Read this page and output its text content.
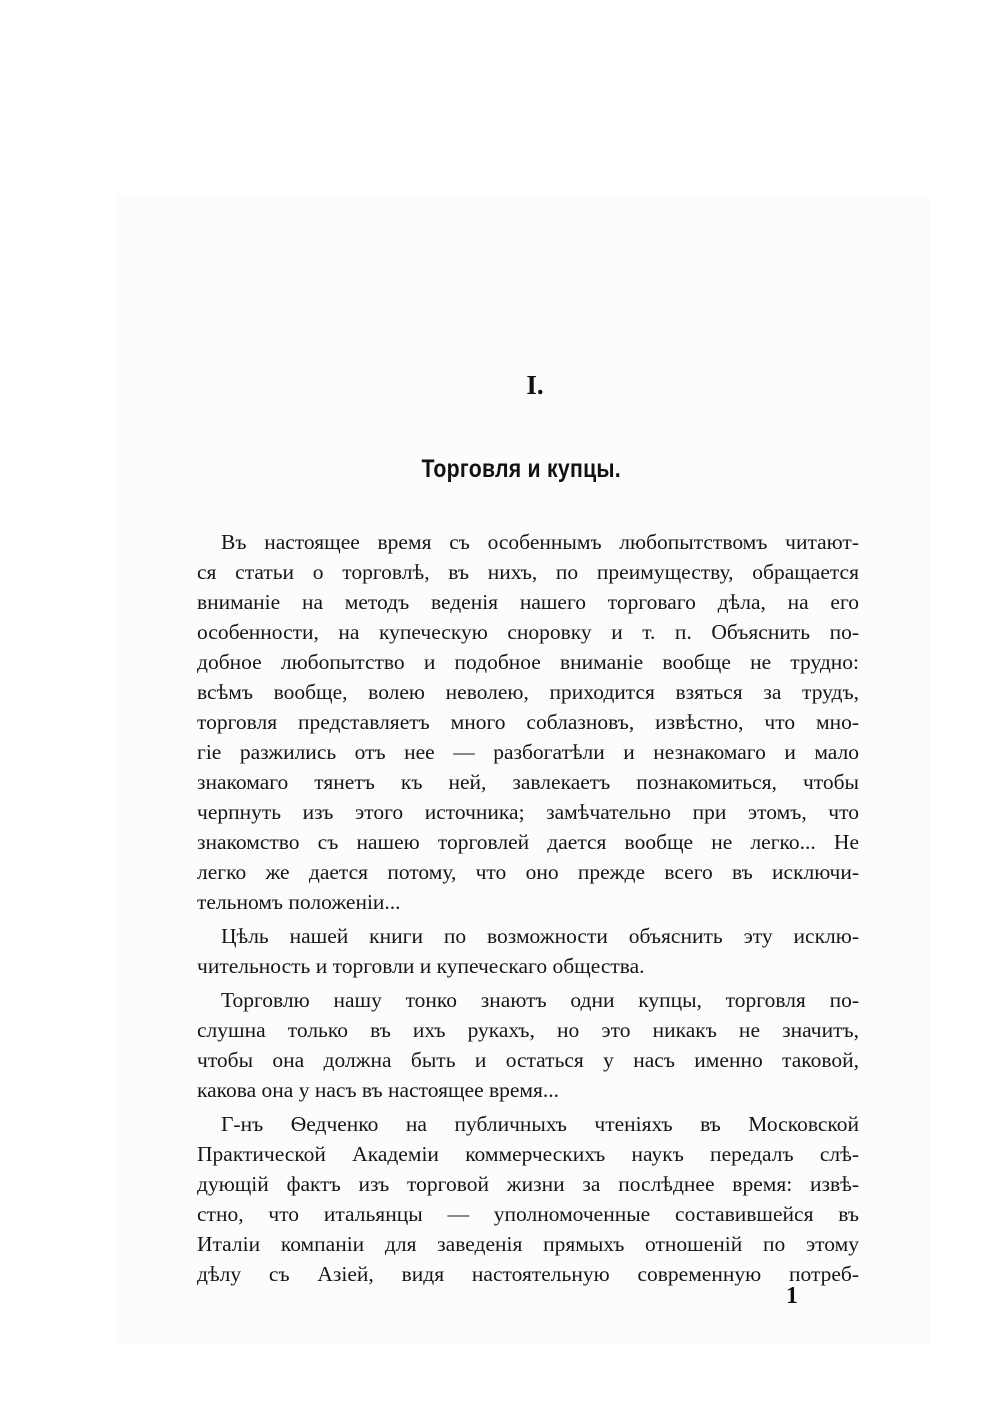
I.
Торговля и купцы.
Въ настоящее время съ особеннымъ любопытствомъ читают-
ся статьи о торговлѣ, въ нихъ, по преимуществу, обращается
вниманіе на методъ веденія нашего торговаго дѣла, на его
особенности, на купеческую сноровку и т. п. Объяснить по-
добное любопытство и подобное вниманіе вообще не трудно:
всѣмъ вообще, волею неволею, приходится взяться за трудъ,
торговля представляетъ много соблазновъ, извѣстно, что мно-
гіе разжились отъ нее — разбогатѣли и незнакомаго и мало
знакомаго тянетъ къ ней, завлекаетъ познакомиться, чтобы
черпнуть изъ этого источника; замѣчательно при этомъ, что
знакомство съ нашею торговлей дается вообще не легко... Не
легко же дается потому, что оно прежде всего въ исключи-
тельномъ положеніи...
Цѣль нашей книги по возможности объяснить эту исклю-
чительность и торговли и купеческаго общества.
Торговлю нашу тонко знаютъ одни купцы, торговля по-
слушна только въ ихъ рукахъ, но это никакъ не значитъ,
чтобы она должна быть и остаться у насъ именно таковой,
какова она у насъ въ настоящее время...
Г-нъ Ѳедченко на публичныхъ чтеніяхъ въ Московской
Практической Академіи коммерческихъ наукъ передалъ слѣ-
дующій фактъ изъ торговой жизни за послѣднее время: извѣ-
стно, что итальянцы — уполномоченные составившейся въ
Италіи компаніи для заведенія прямыхъ отношеній по этому
дѣлу съ Азіей, видя настоятельную современную потреб-
1
